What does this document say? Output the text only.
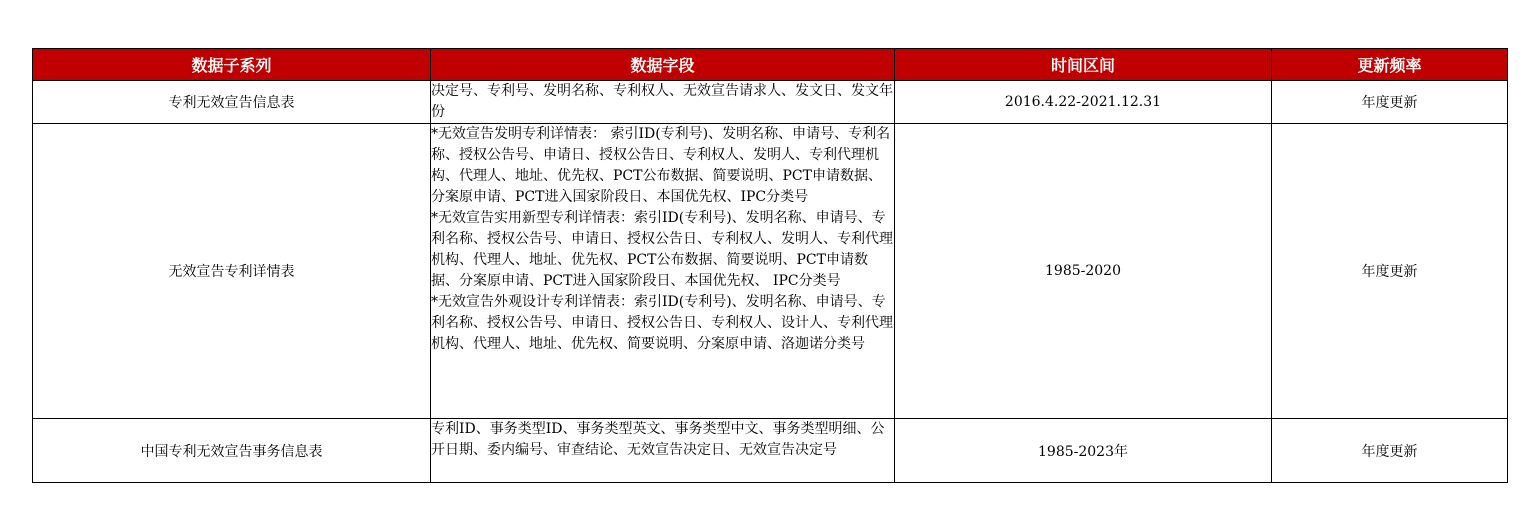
数据子系列	数据字段	时间区间	更新频率
专利无效宣告信息表	决定号、专利号、发明名称、专利权人、无效宣告请求人、发文日、发文年份	2016.4.22-2021.12.31	年度更新
无效宣告专利详情表	*无效宣告发明专利详情表： 索引ID(专利号)、发明名称、申请号、专利名称、授权公告号、申请日、授权公告日、专利权人、发明人、专利代理机构、代理人、地址、优先权、PCT公布数据、简要说明、PCT申请数据、分案原申请、PCT进入国家阶段日、本国优先权、IPC分类号
*无效宣告实用新型专利详情表：索引ID(专利号)、发明名称、申请号、专利名称、授权公告号、申请日、授权公告日、专利权人、发明人、专利代理机构、代理人、地址、优先权、PCT公布数据、简要说明、PCT申请数据、分案原申请、PCT进入国家阶段日、本国优先权、 IPC分类号
*无效宣告外观设计专利详情表：索引ID(专利号)、发明名称、申请号、专利名称、授权公告号、申请日、授权公告日、专利权人、设计人、专利代理机构、代理人、地址、优先权、简要说明、分案原申请、洛迦诺分类号	1985-2020	年度更新
中国专利无效宣告事务信息表	专利ID、事务类型ID、事务类型英文、事务类型中文、事务类型明细、公开日期、委内编号、审查结论、无效宣告决定日、无效宣告决定号	1985-2023年	年度更新
